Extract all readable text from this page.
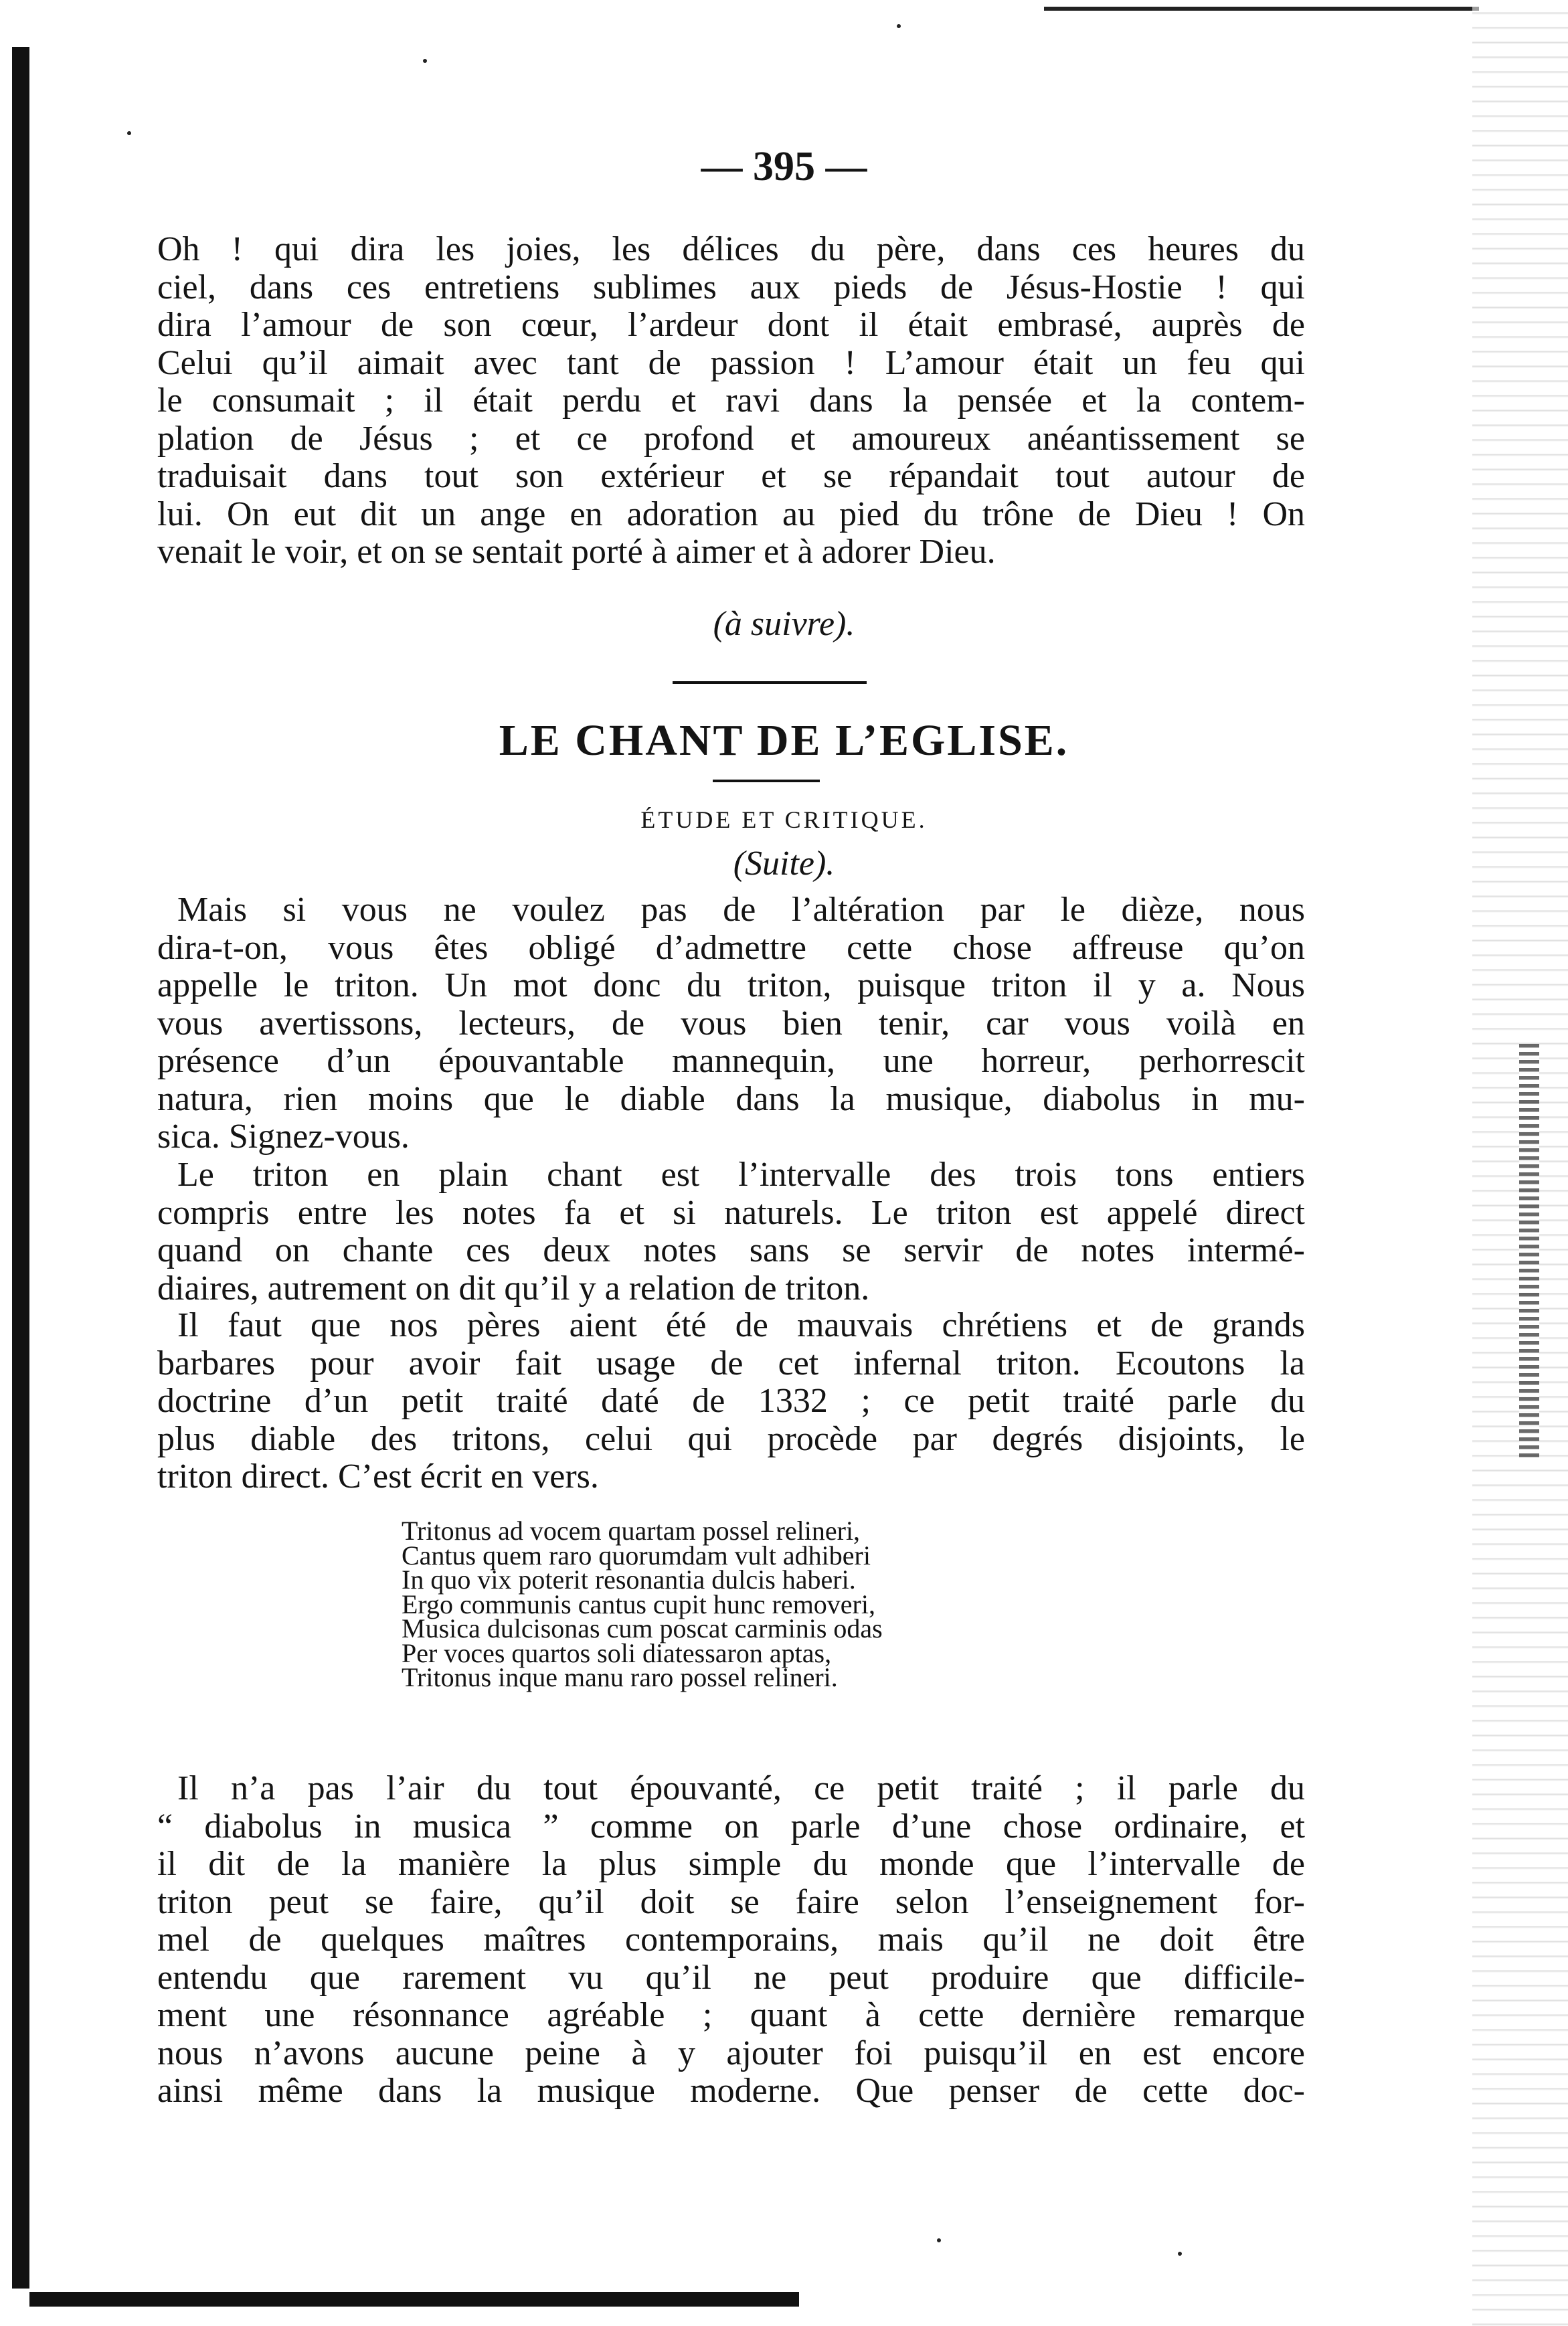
— 395 —

Oh ! qui dira les joies, les délices du père, dans ces heures du
ciel, dans ces entretiens sublimes aux pieds de Jésus-Hostie ! qui
dira l’amour de son cœur, l’ardeur dont il était embrasé, auprès de
Celui qu’il aimait avec tant de passion ! L’amour était un feu qui
le consumait ; il était perdu et ravi dans la pensée et la contem-
plation de Jésus ; et ce profond et amoureux anéantissement se
traduisait dans tout son extérieur et se répandait tout autour de
lui. On eut dit un ange en adoration au pied du trône de Dieu ! On
venait le voir, et on se sentait porté à aimer et à adorer Dieu.

(à suivre).
LE CHANT DE L’EGLISE.
ÉTUDE ET CRITIQUE.
(Suite).

Mais si vous ne voulez pas de l’altération par le dièze, nous
dira-t-on, vous êtes obligé d’admettre cette chose affreuse qu’on
appelle le triton. Un mot donc du triton, puisque triton il y a. Nous
vous avertissons, lecteurs, de vous bien tenir, car vous voilà en
présence d’un épouvantable mannequin, une horreur, perhorrescit
natura, rien moins que le diable dans la musique, diabolus in mu-
sica. Signez-vous.

Le triton en plain chant est l’intervalle des trois tons entiers
compris entre les notes fa et si naturels. Le triton est appelé direct
quand on chante ces deux notes sans se servir de notes intermé-
diaires, autrement on dit qu’il y a relation de triton.

Il faut que nos pères aient été de mauvais chrétiens et de grands
barbares pour avoir fait usage de cet infernal triton. Ecoutons la
doctrine d’un petit traité daté de 1332 ; ce petit traité parle du
plus diable des tritons, celui qui procède par degrés disjoints, le
triton direct. C’est écrit en vers.

Tritonus ad vocem quartam possel relineri,
Cantus quem raro quorumdam vult adhiberi
In quo vix poterit resonantia dulcis haberi.
Ergo communis cantus cupit hunc removeri,
Musica dulcisonas cum poscat carminis odas
Per voces quartos soli diatessaron aptas,
Tritonus inque manu raro possel relineri.

Il n’a pas l’air du tout épouvanté, ce petit traité ; il parle du
“ diabolus in musica ” comme on parle d’une chose ordinaire, et
il dit de la manière la plus simple du monde que l’intervalle de
triton peut se faire, qu’il doit se faire selon l’enseignement for-
mel de quelques maîtres contemporains, mais qu’il ne doit être
entendu que rarement vu qu’il ne peut produire que difficile-
ment une résonnance agréable ; quant à cette dernière remarque
nous n’avons aucune peine à y ajouter foi puisqu’il en est encore
ainsi même dans la musique moderne. Que penser de cette doc-
